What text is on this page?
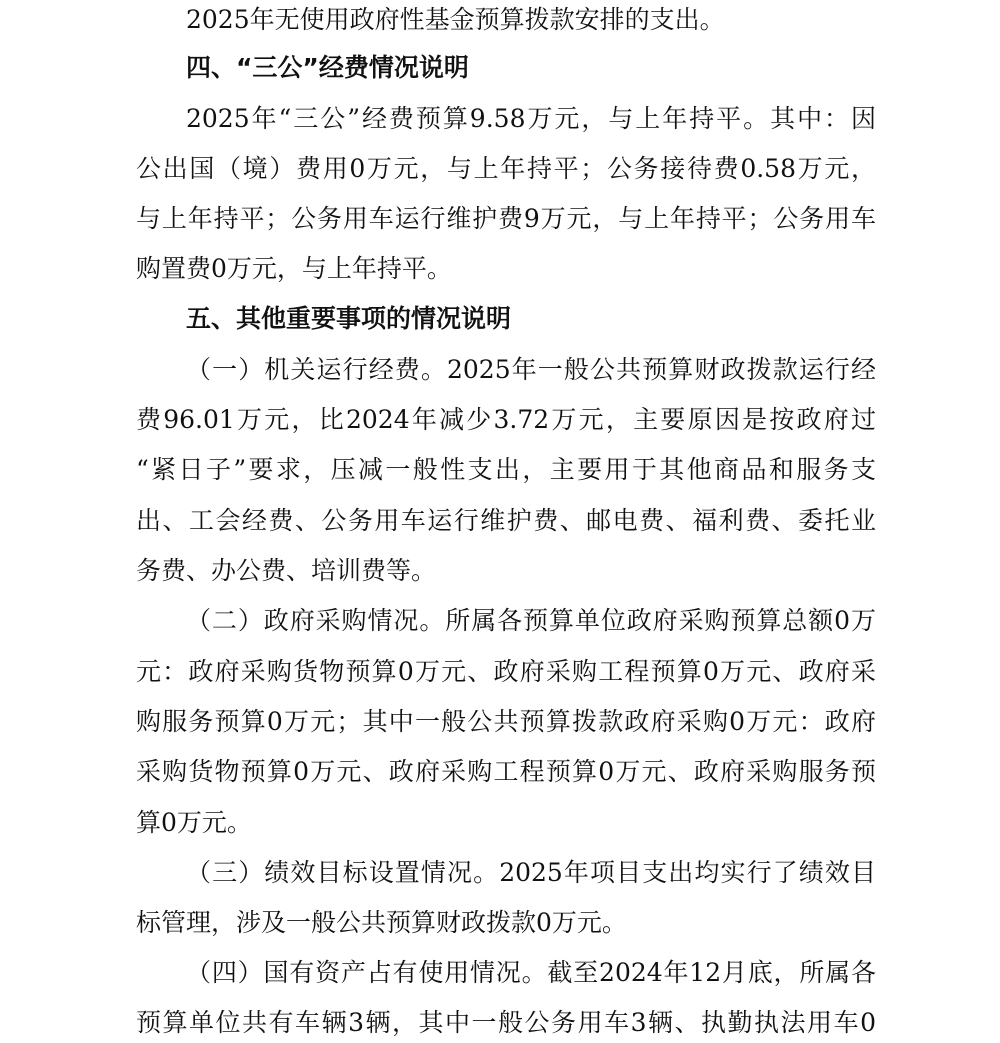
2025年无使用政府性基金预算拨款安排的支出。
四、“三公”经费情况说明
2025年“三公”经费预算9.58万元，与上年持平。其中：因
公出国（境）费用0万元，与上年持平；公务接待费0.58万元，
与上年持平；公务用车运行维护费9万元，与上年持平；公务用车
购置费0万元，与上年持平。
五、其他重要事项的情况说明
（一）机关运行经费。2025年一般公共预算财政拨款运行经
费96.01万元，比2024年减少3.72万元，主要原因是按政府过
“紧日子”要求，压减一般性支出，主要用于其他商品和服务支
出、工会经费、公务用车运行维护费、邮电费、福利费、委托业
务费、办公费、培训费等。
（二）政府采购情况。所属各预算单位政府采购预算总额0万
元：政府采购货物预算0万元、政府采购工程预算0万元、政府采
购服务预算0万元；其中一般公共预算拨款政府采购0万元：政府
采购货物预算0万元、政府采购工程预算0万元、政府采购服务预
算0万元。
（三）绩效目标设置情况。2025年项目支出均实行了绩效目
标管理，涉及一般公共预算财政拨款0万元。
（四）国有资产占有使用情况。截至2024年12月底，所属各
预算单位共有车辆3辆，其中一般公务用车3辆、执勤执法用车0
